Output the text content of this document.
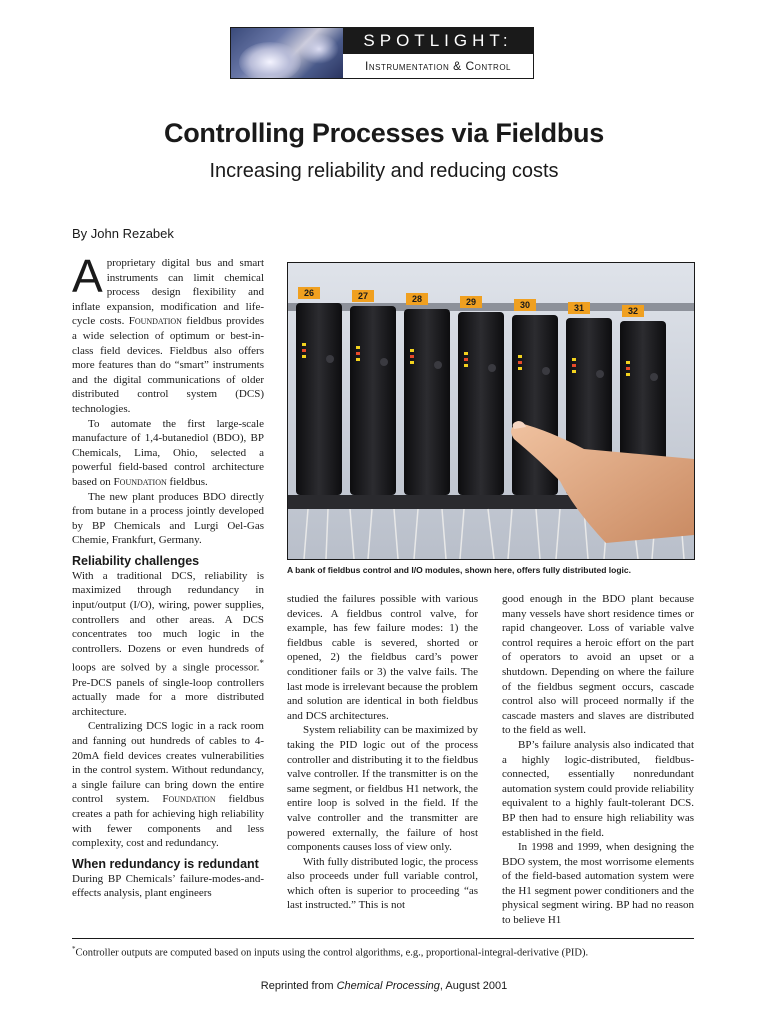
SPOTLIGHT:
Instrumentation & Control
Controlling Processes via Fieldbus
Increasing reliability and reducing costs
By John Rezabek

Aproprietary digital bus and smart instruments can limit chemical process design flexibility and inflate expansion, modification and life-cycle costs. Foundation fieldbus provides a wide selection of optimum or best-in-class field devices. Fieldbus also offers more features than do “smart” instruments and the digital communications of older distributed control system (DCS) technologies.

To automate the first large-scale manufacture of 1,4-butanediol (BDO), BP Chemicals, Lima, Ohio, selected a powerful field-based control architecture based on Foundation fieldbus.

The new plant produces BDO directly from butane in a process jointly developed by BP Chemicals and Lurgi Oel-Gas Chemie, Frankfurt, Germany.

Reliability challenges

With a traditional DCS, reliability is maximized through redundancy in input/output (I/O), wiring, power supplies, controllers and other areas. A DCS concentrates too much logic in the controllers. Dozens or even hundreds of loops are solved by a single processor.* Pre-DCS panels of single-loop controllers actually made for a more distributed architecture.

Centralizing DCS logic in a rack room and fanning out hundreds of cables to 4-20mA field devices creates vulnerabilities in the control system. Without redundancy, a single failure can bring down the entire control system. Foundation fieldbus creates a path for achieving high reliability with fewer components and less complexity, cost and redundancy.

When redundancy is redundant

During BP Chemicals’ failure-modes-and-effects analysis, plant engineers

26	27	28	29	30	31	32
A bank of fieldbus control and I/O modules, shown here, offers fully distributed logic.

studied the failures possible with various devices. A fieldbus control valve, for example, has few failure modes: 1) the fieldbus cable is severed, shorted or opened, 2) the fieldbus card’s power conditioner fails or 3) the valve fails. The last mode is irrelevant because the problem and solution are identical in both fieldbus and DCS architectures.

System reliability can be maximized by taking the PID logic out of the process controller and distributing it to the fieldbus valve controller. If the transmitter is on the same segment, or fieldbus H1 network, the entire loop is solved in the field. If the valve controller and the transmitter are powered externally, the failure of host components causes loss of view only.

With fully distributed logic, the process also proceeds under full variable control, which often is superior to proceeding “as last instructed.” This is not

good enough in the BDO plant because many vessels have short residence times or rapid changeover. Loss of variable valve control requires a heroic effort on the part of operators to avoid an upset or a shutdown. Depending on where the failure of the fieldbus segment occurs, cascade control also will proceed normally if the cascade masters and slaves are distributed to the field as well.

BP’s failure analysis also indicated that a highly logic-distributed, fieldbus-connected, essentially nonredundant automation system could provide reliability equivalent to a highly fault-tolerant DCS. BP then had to ensure high reliability was established in the field.

In 1998 and 1999, when designing the BDO system, the most worrisome elements of the field-based automation system were the H1 segment power conditioners and the physical segment wiring. BP had no reason to believe H1

*Controller outputs are computed based on inputs using the control algorithms, e.g., proportional-integral-derivative (PID).
Reprinted from Chemical Processing, August 2001
